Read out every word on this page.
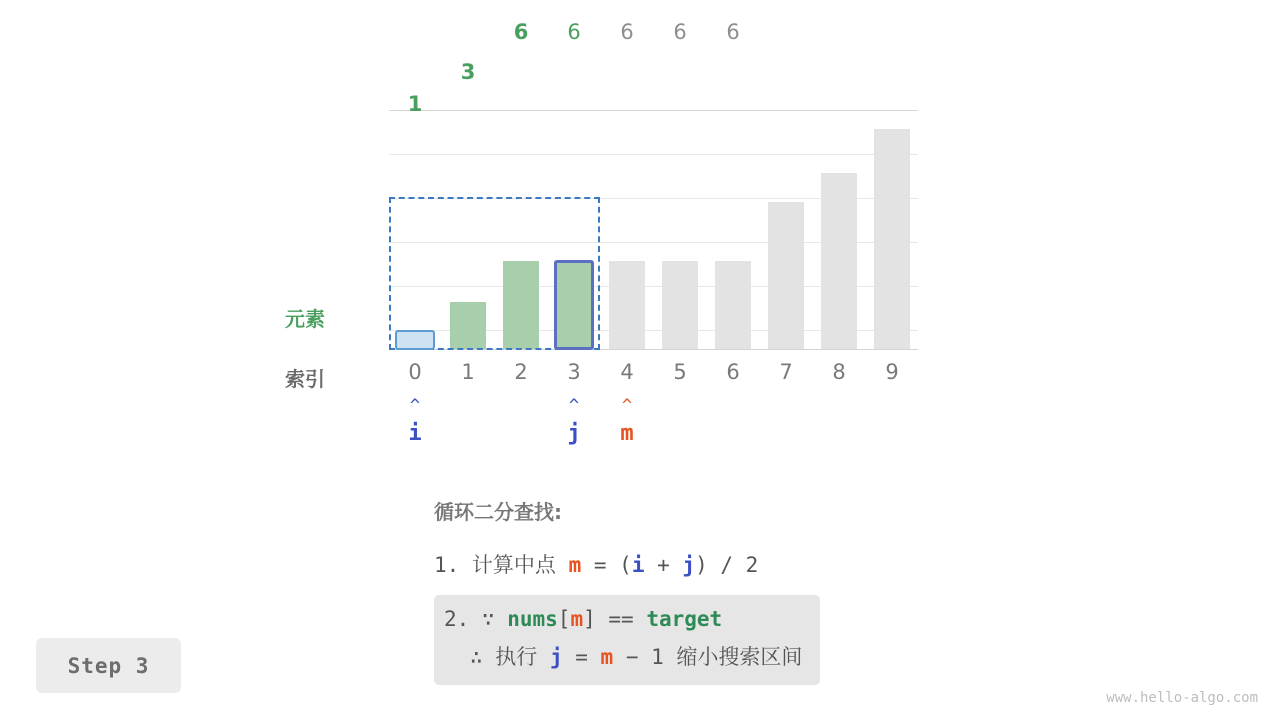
1
3
6	6	6	6	6
元素
索引	0	1	2	3	4	5	6	7	8	9
^
i
^
j
^
m
循环二分查找:
1. 计算中点 m = (i + j) / 2
2. ∵ nums[m] == target
∴ 执行 j = m − 1 缩小搜索区间
Step 3
www.hello-algo.com
